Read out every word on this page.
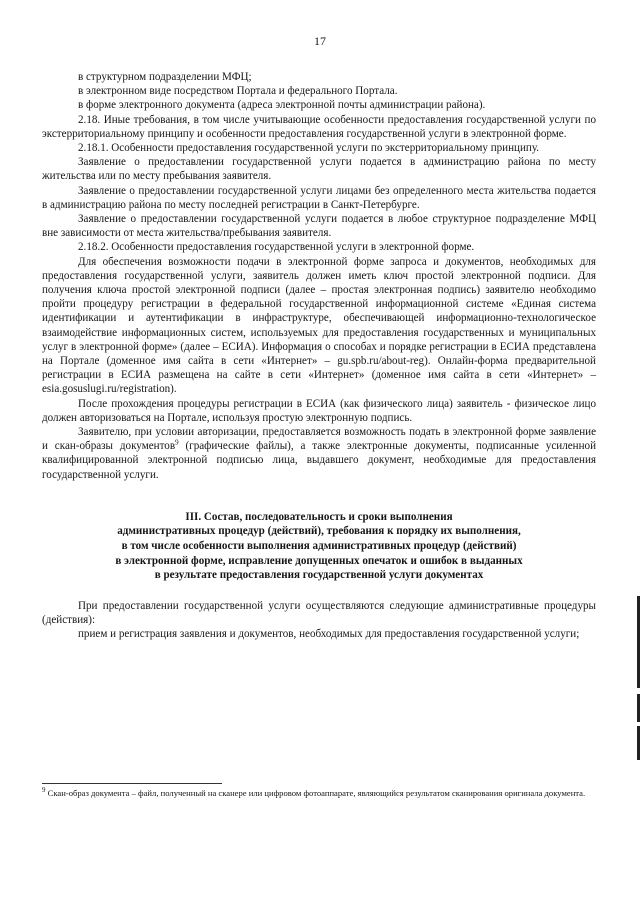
17

в структурном подразделении МФЦ;

в электронном виде посредством Портала и федерального Портала.

в форме электронного документа (адреса электронной почты администрации района).

2.18. Иные требования, в том числе учитывающие особенности предоставления государственной услуги по экстерриториальному принципу и особенности предоставления государственной услуги в электронной форме.

2.18.1. Особенности предоставления государственной услуги по экстерриториальному принципу.

Заявление о предоставлении государственной услуги подается в администрацию района по месту жительства или по месту пребывания заявителя.

Заявление о предоставлении государственной услуги лицами без определенного места жительства подается в администрацию района по месту последней регистрации в Санкт-Петербурге.

Заявление о предоставлении государственной услуги подается в любое структурное подразделение МФЦ вне зависимости от места жительства/пребывания заявителя.

2.18.2. Особенности предоставления государственной услуги в электронной форме.

Для обеспечения возможности подачи в электронной форме запроса и документов, необходимых для предоставления государственной услуги, заявитель должен иметь ключ простой электронной подписи. Для получения ключа простой электронной подписи (далее – простая электронная подпись) заявителю необходимо пройти процедуру регистрации в федеральной государственной информационной системе «Единая система идентификации и аутентификации в инфраструктуре, обеспечивающей информационно-технологическое взаимодействие информационных систем, используемых для предоставления государственных и муниципальных услуг в электронной форме» (далее – ЕСИА). Информация о способах и порядке регистрации в ЕСИА представлена на Портале (доменное имя сайта в сети «Интернет» – gu.spb.ru/about-reg). Онлайн-форма предварительной регистрации в ЕСИА размещена на сайте в сети «Интернет» (доменное имя сайта в сети «Интернет» – esia.gosuslugi.ru/registration).

После прохождения процедуры регистрации в ЕСИА (как физического лица) заявитель - физическое лицо должен авторизоваться на Портале, используя простую электронную подпись.

Заявителю, при условии авторизации, предоставляется возможность подать в электронной форме заявление и скан-образы документов$^9$ (графические файлы), а также электронные документы, подписанные усиленной квалифицированной электронной подписью лица, выдавшего документ, необходимые для предоставления государственной услуги.

III. Состав, последовательность и сроки выполнения

административных процедур (действий), требования к порядку их выполнения,

в том числе особенности выполнения административных процедур (действий)

в электронной форме, исправление допущенных опечаток и ошибок в выданных

в результате предоставления государственной услуги документах

При предоставлении государственной услуги осуществляются следующие административные процедуры (действия):

прием и регистрация заявления и документов, необходимых для предоставления государственной услуги;

$^9$ Скан-образ документа – файл, полученный на сканере или цифровом фотоаппарате, являющийся результатом сканирования оригинала документа.
